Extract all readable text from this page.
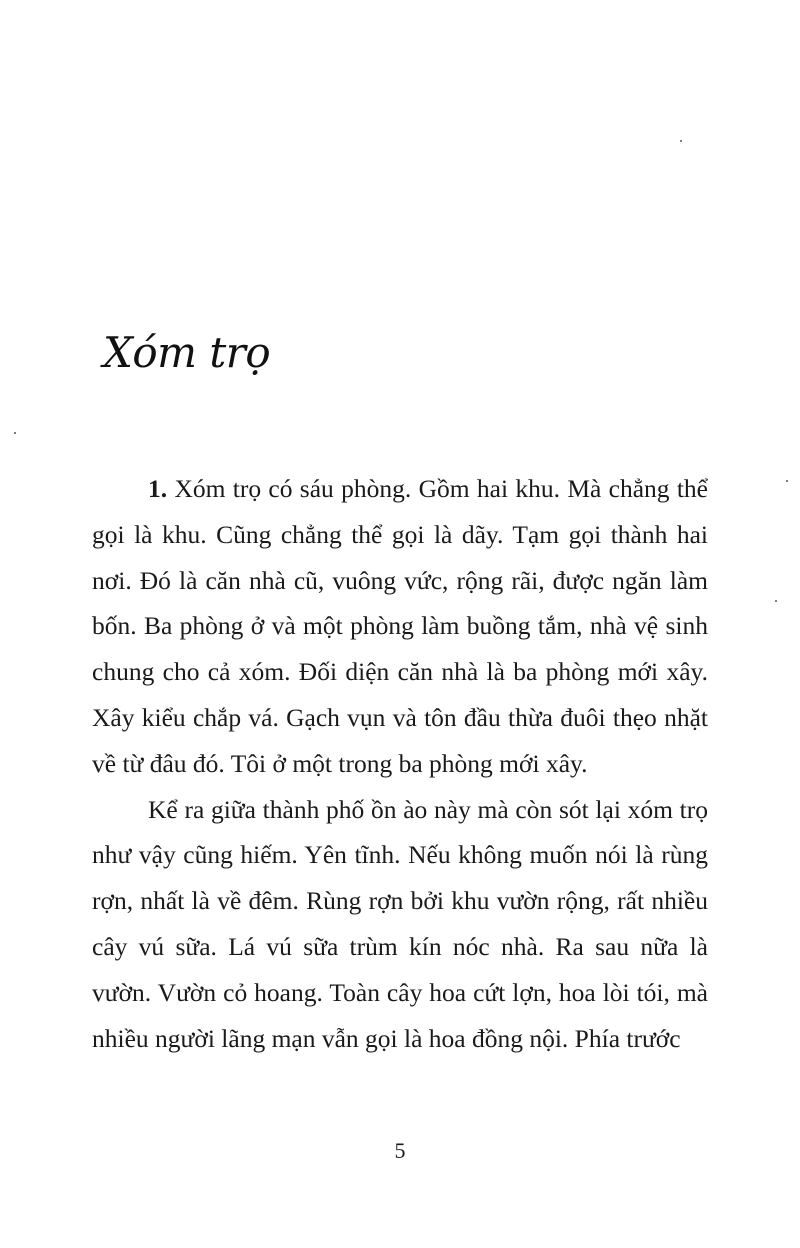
Xóm trọ

1. Xóm trọ có sáu phòng. Gồm hai khu. Mà chẳng thể gọi là khu. Cũng chẳng thể gọi là dãy. Tạm gọi thành hai nơi. Đó là căn nhà cũ, vuông vức, rộng rãi, được ngăn làm bốn. Ba phòng ở và một phòng làm buồng tắm, nhà vệ sinh chung cho cả xóm. Đối diện căn nhà là ba phòng mới xây. Xây kiểu chắp vá. Gạch vụn và tôn đầu thừa đuôi thẹo nhặt về từ đâu đó. Tôi ở một trong ba phòng mới xây.

Kể ra giữa thành phố ồn ào này mà còn sót lại xóm trọ như vậy cũng hiếm. Yên tĩnh. Nếu không muốn nói là rùng rợn, nhất là về đêm. Rùng rợn bởi khu vườn rộng, rất nhiều cây vú sữa. Lá vú sữa trùm kín nóc nhà. Ra sau nữa là vườn. Vườn cỏ hoang. Toàn cây hoa cứt lợn, hoa lòi tói, mà nhiều người lãng mạn vẫn gọi là hoa đồng nội. Phía trước

5
